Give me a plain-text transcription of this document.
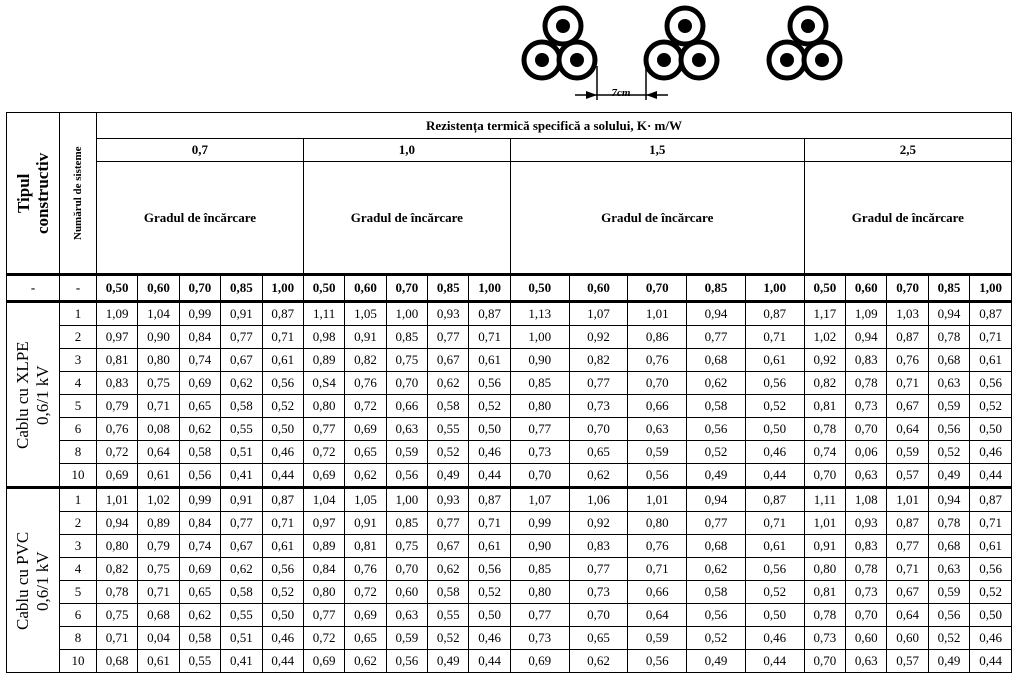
7cm
Tipul
constructiv	Numărul de sisteme	Rezistența termică specifică a solului, K· m/W																			
		0,7					1,0					1,5					2,5				
		Gradul de încărcare					Gradul de încărcare					Gradul de încărcare					Gradul de încărcare				
-	-	0,50	0,60	0,70	0,85	1,00	0,50	0,60	0,70	0,85	1,00	0,50	0,60	0,70	0,85	1,00	0,50	0,60	0,70	0,85	1,00

Cablu cu XLPE
0,6/1 kV	1	1,09	1,04	0,99	0,91	0,87	1,11	1,05	1,00	0,93	0,87	1,13	1,07	1,01	0,94	0,87	1,17	1,09	1,03	0,94	0,87
	2	0,97	0,90	0,84	0,77	0,71	0,98	0,91	0,85	0,77	0,71	1,00	0,92	0,86	0,77	0,71	1,02	0,94	0,87	0,78	0,71
	3	0,81	0,80	0,74	0,67	0,61	0,89	0,82	0,75	0,67	0,61	0,90	0,82	0,76	0,68	0,61	0,92	0,83	0,76	0,68	0,61
	4	0,83	0,75	0,69	0,62	0,56	0,S4	0,76	0,70	0,62	0,56	0,85	0,77	0,70	0,62	0,56	0,82	0,78	0,71	0,63	0,56
	5	0,79	0,71	0,65	0,58	0,52	0,80	0,72	0,66	0,58	0,52	0,80	0,73	0,66	0,58	0,52	0,81	0,73	0,67	0,59	0,52
	6	0,76	0,08	0,62	0,55	0,50	0,77	0,69	0,63	0,55	0,50	0,77	0,70	0,63	0,56	0,50	0,78	0,70	0,64	0,56	0,50
	8	0,72	0,64	0,58	0,51	0,46	0,72	0,65	0,59	0,52	0,46	0,73	0,65	0,59	0,52	0,46	0,74	0,06	0,59	0,52	0,46
	10	0,69	0,61	0,56	0,41	0,44	0,69	0,62	0,56	0,49	0,44	0,70	0,62	0,56	0,49	0,44	0,70	0,63	0,57	0,49	0,44

Cablu cu PVC
0,6/1 kV	1	1,01	1,02	0,99	0,91	0,87	1,04	1,05	1,00	0,93	0,87	1,07	1,06	1,01	0,94	0,87	1,11	1,08	1,01	0,94	0,87
	2	0,94	0,89	0,84	0,77	0,71	0,97	0,91	0,85	0,77	0,71	0,99	0,92	0,80	0,77	0,71	1,01	0,93	0,87	0,78	0,71
	3	0,80	0,79	0,74	0,67	0,61	0,89	0,81	0,75	0,67	0,61	0,90	0,83	0,76	0,68	0,61	0,91	0,83	0,77	0,68	0,61
	4	0,82	0,75	0,69	0,62	0,56	0,84	0,76	0,70	0,62	0,56	0,85	0,77	0,71	0,62	0,56	0,80	0,78	0,71	0,63	0,56
	5	0,78	0,71	0,65	0,58	0,52	0,80	0,72	0,60	0,58	0,52	0,80	0,73	0,66	0,58	0,52	0,81	0,73	0,67	0,59	0,52
	6	0,75	0,68	0,62	0,55	0,50	0,77	0,69	0,63	0,55	0,50	0,77	0,70	0,64	0,56	0,50	0,78	0,70	0,64	0,56	0,50
	8	0,71	0,04	0,58	0,51	0,46	0,72	0,65	0,59	0,52	0,46	0,73	0,65	0,59	0,52	0,46	0,73	0,60	0,60	0,52	0,46
	10	0,68	0,61	0,55	0,41	0,44	0,69	0,62	0,56	0,49	0,44	0,69	0,62	0,56	0,49	0,44	0,70	0,63	0,57	0,49	0,44
